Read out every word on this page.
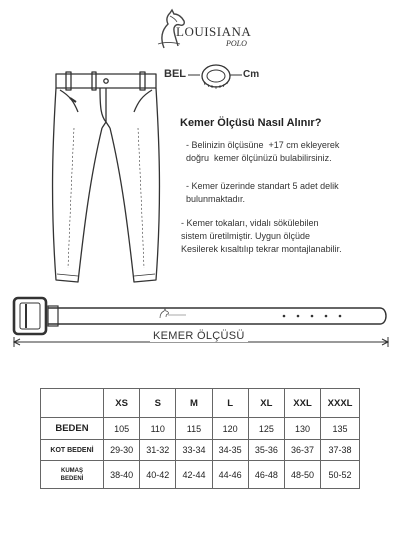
LOUISIANA
POLO
BEL	Cm
Kemer Ölçüsü Nasıl Alınır?
- Belinizin ölçüsüne  +17 cm ekleyerek
doğru  kemer ölçünüzü bulabilirsiniz.
- Kemer üzerinde standart 5 adet delik
bulunmaktadır.
- Kemer tokaları, vidalı sökülebilen
sistem üretilmiştir. Uygun ölçüde
Kesilerek kısaltılıp tekrar montajlanabilir.
KEMER ÖLÇÜSÜ
	XS	S	M	L	XL	XXL	XXXL
BEDEN	105	110	115	120	125	130	135
KOT BEDENİ	29-30	31-32	33-34	34-35	35-36	36-37	37-38

KUMAŞ
BEDENİ	38-40	40-42	42-44	44-46	46-48	48-50	50-52
